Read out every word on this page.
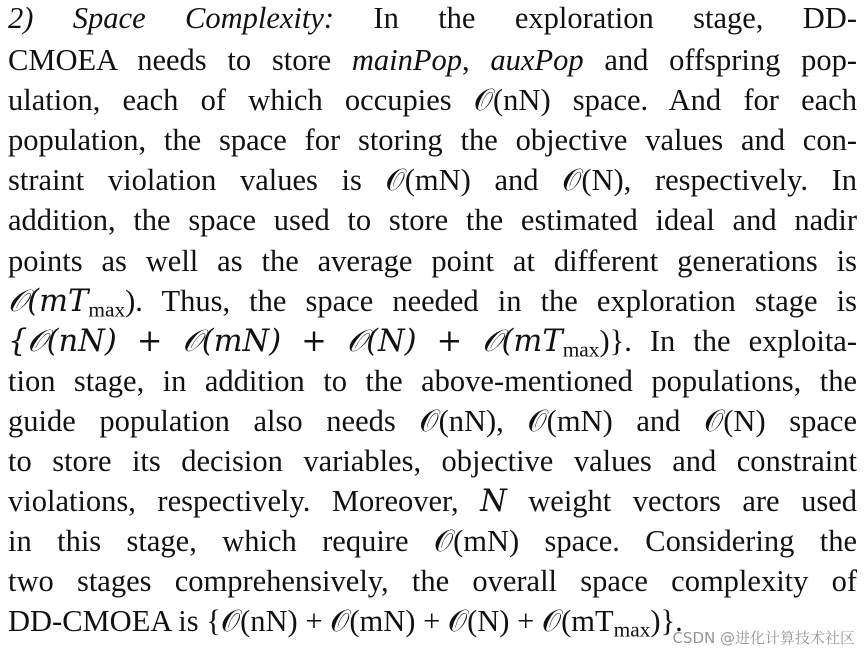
2) Space Complexity: In the exploration stage, DD-
CMOEA needs to store mainPop, auxPop and offspring pop-
ulation, each of which occupies 𝒪(nN) space. And for each
population, the space for storing the objective values and con-
straint violation values is 𝒪(mN) and 𝒪(N), respectively. In
addition, the space used to store the estimated ideal and nadir
points as well as the average point at different generations is
$𝒪(mT_{max})$. Thus, the space needed in the exploration stage is
{𝒪(nN) + 𝒪(mN) + 𝒪(N) + $𝒪(mT_{max})$}. In the exploita-
tion stage, in addition to the above-mentioned populations, the
guide population also needs 𝒪(nN), 𝒪(mN) and 𝒪(N) space
to store its decision variables, objective values and constraint
violations, respectively. Moreover, N weight vectors are used
in this stage, which require 𝒪(mN) space. Considering the
two stages comprehensively, the overall space complexity of
DD-CMOEA is {𝒪(nN) + 𝒪(mN) + 𝒪(N) + $𝒪(mT_{max})$}.

CSDN @进化计算技术社区
